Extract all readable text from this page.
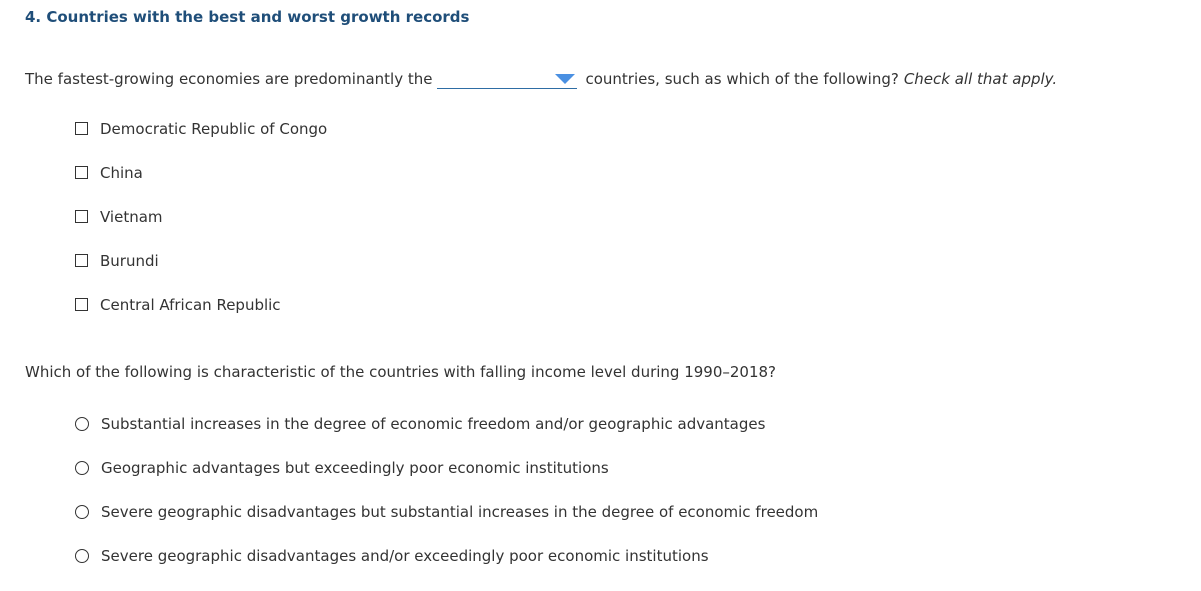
4. Countries with the best and worst growth records
The fastest-growing economies are predominantly the	countries, such as which of the following? Check all that apply.
Democratic Republic of Congo
China
Vietnam
Burundi
Central African Republic
Which of the following is characteristic of the countries with falling income level during 1990–2018?
Substantial increases in the degree of economic freedom and/or geographic advantages
Geographic advantages but exceedingly poor economic institutions
Severe geographic disadvantages but substantial increases in the degree of economic freedom
Severe geographic disadvantages and/or exceedingly poor economic institutions
